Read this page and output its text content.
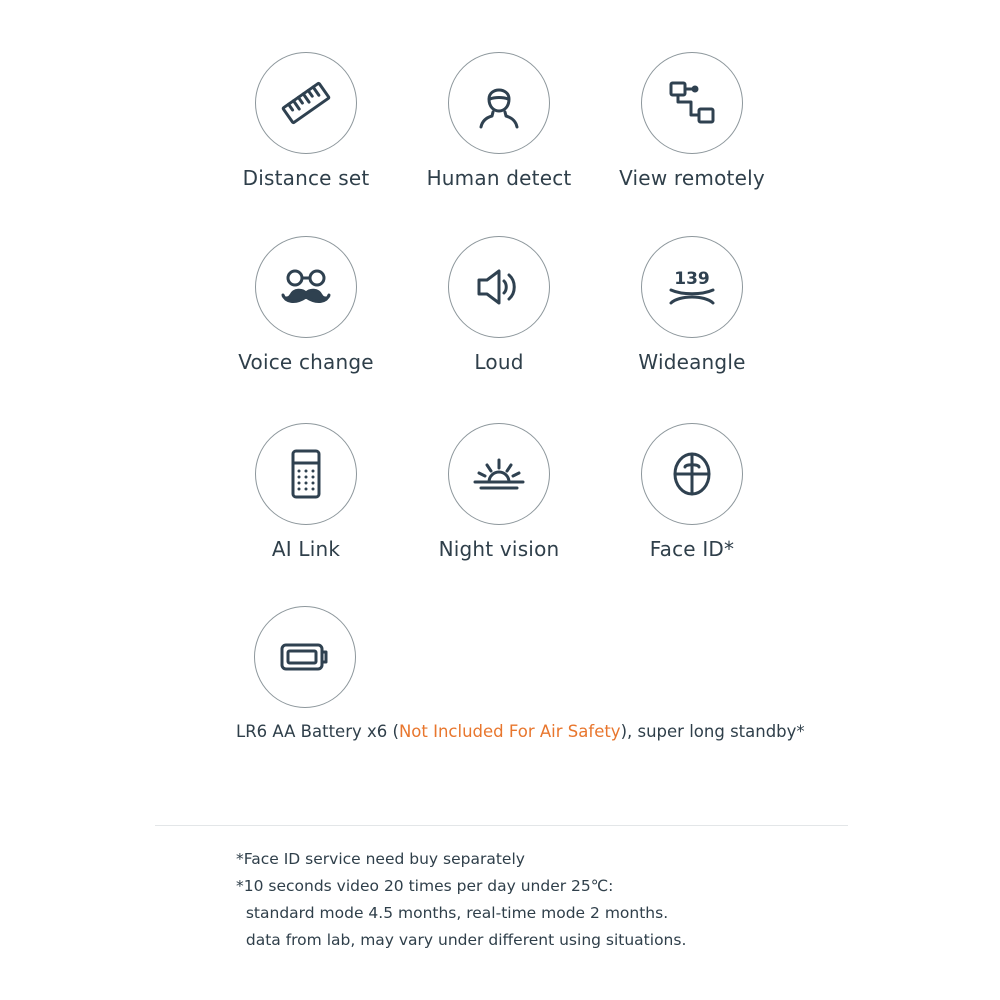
Distance set	Human detect	View remotely
Voice change	Loud
139
Wideangle
AI Link	Night vision	Face ID*
LR6 AA Battery x6 (Not Included For Air Safety), super long standby*
*Face ID service need buy separately
*10 seconds video 20 times per day under 25℃:
standard mode 4.5 months, real-time mode 2 months.
data from lab, may vary under different using situations.
